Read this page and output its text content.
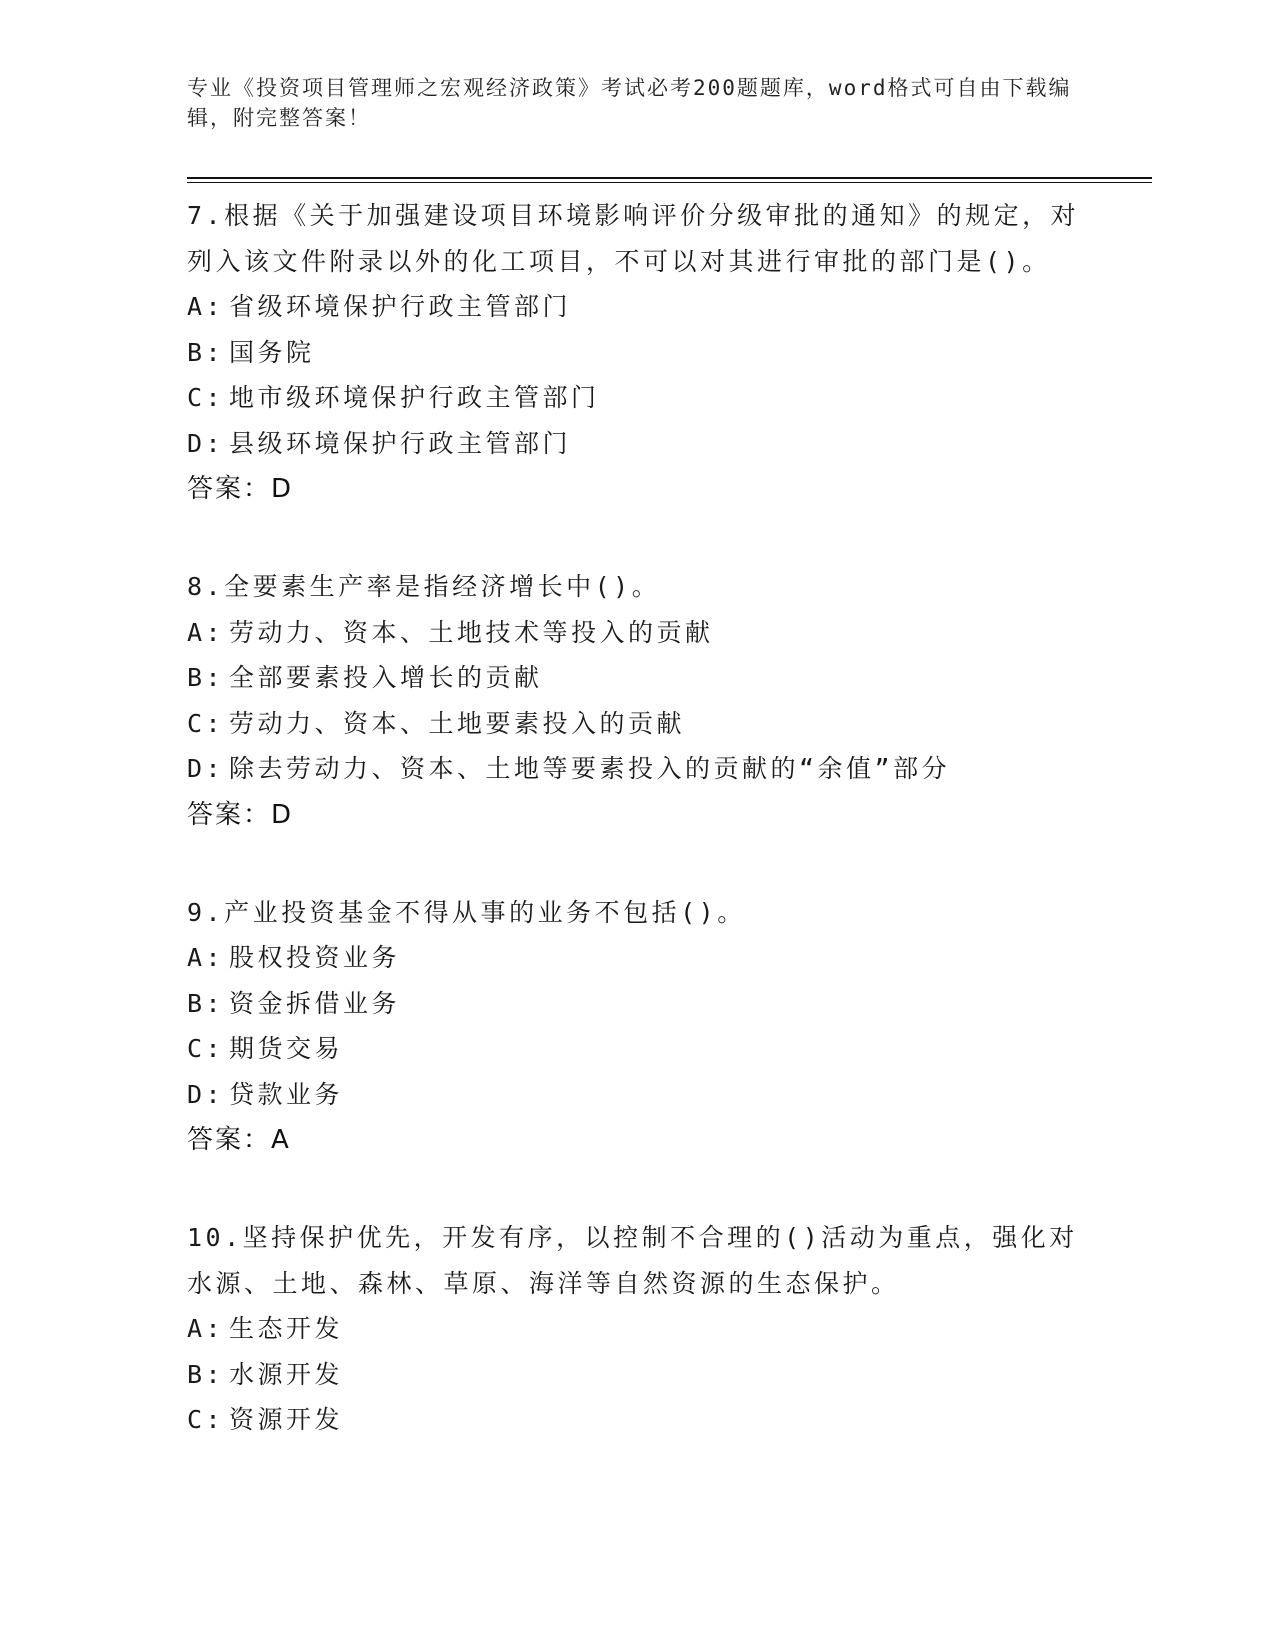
专业《投资项目管理师之宏观经济政策》考试必考200题题库，word格式可自由下载编辑，附完整答案！

7.根据《关于加强建设项目环境影响评价分级审批的通知》的规定，对列入该文件附录以外的化工项目，不可以对其进行审批的部门是()。

A: 省级环境保护行政主管部门

B: 国务院

C: 地市级环境保护行政主管部门

D: 县级环境保护行政主管部门

答案：D

8.全要素生产率是指经济增长中()。

A: 劳动力、资本、土地技术等投入的贡献

B: 全部要素投入增长的贡献

C: 劳动力、资本、土地要素投入的贡献

D: 除去劳动力、资本、土地等要素投入的贡献的“余值”部分

答案：D

9.产业投资基金不得从事的业务不包括()。

A: 股权投资业务

B: 资金拆借业务

C: 期货交易

D: 贷款业务

答案：A

10.坚持保护优先，开发有序，以控制不合理的()活动为重点，强化对水源、土地、森林、草原、海洋等自然资源的生态保护。

A: 生态开发

B: 水源开发

C: 资源开发
